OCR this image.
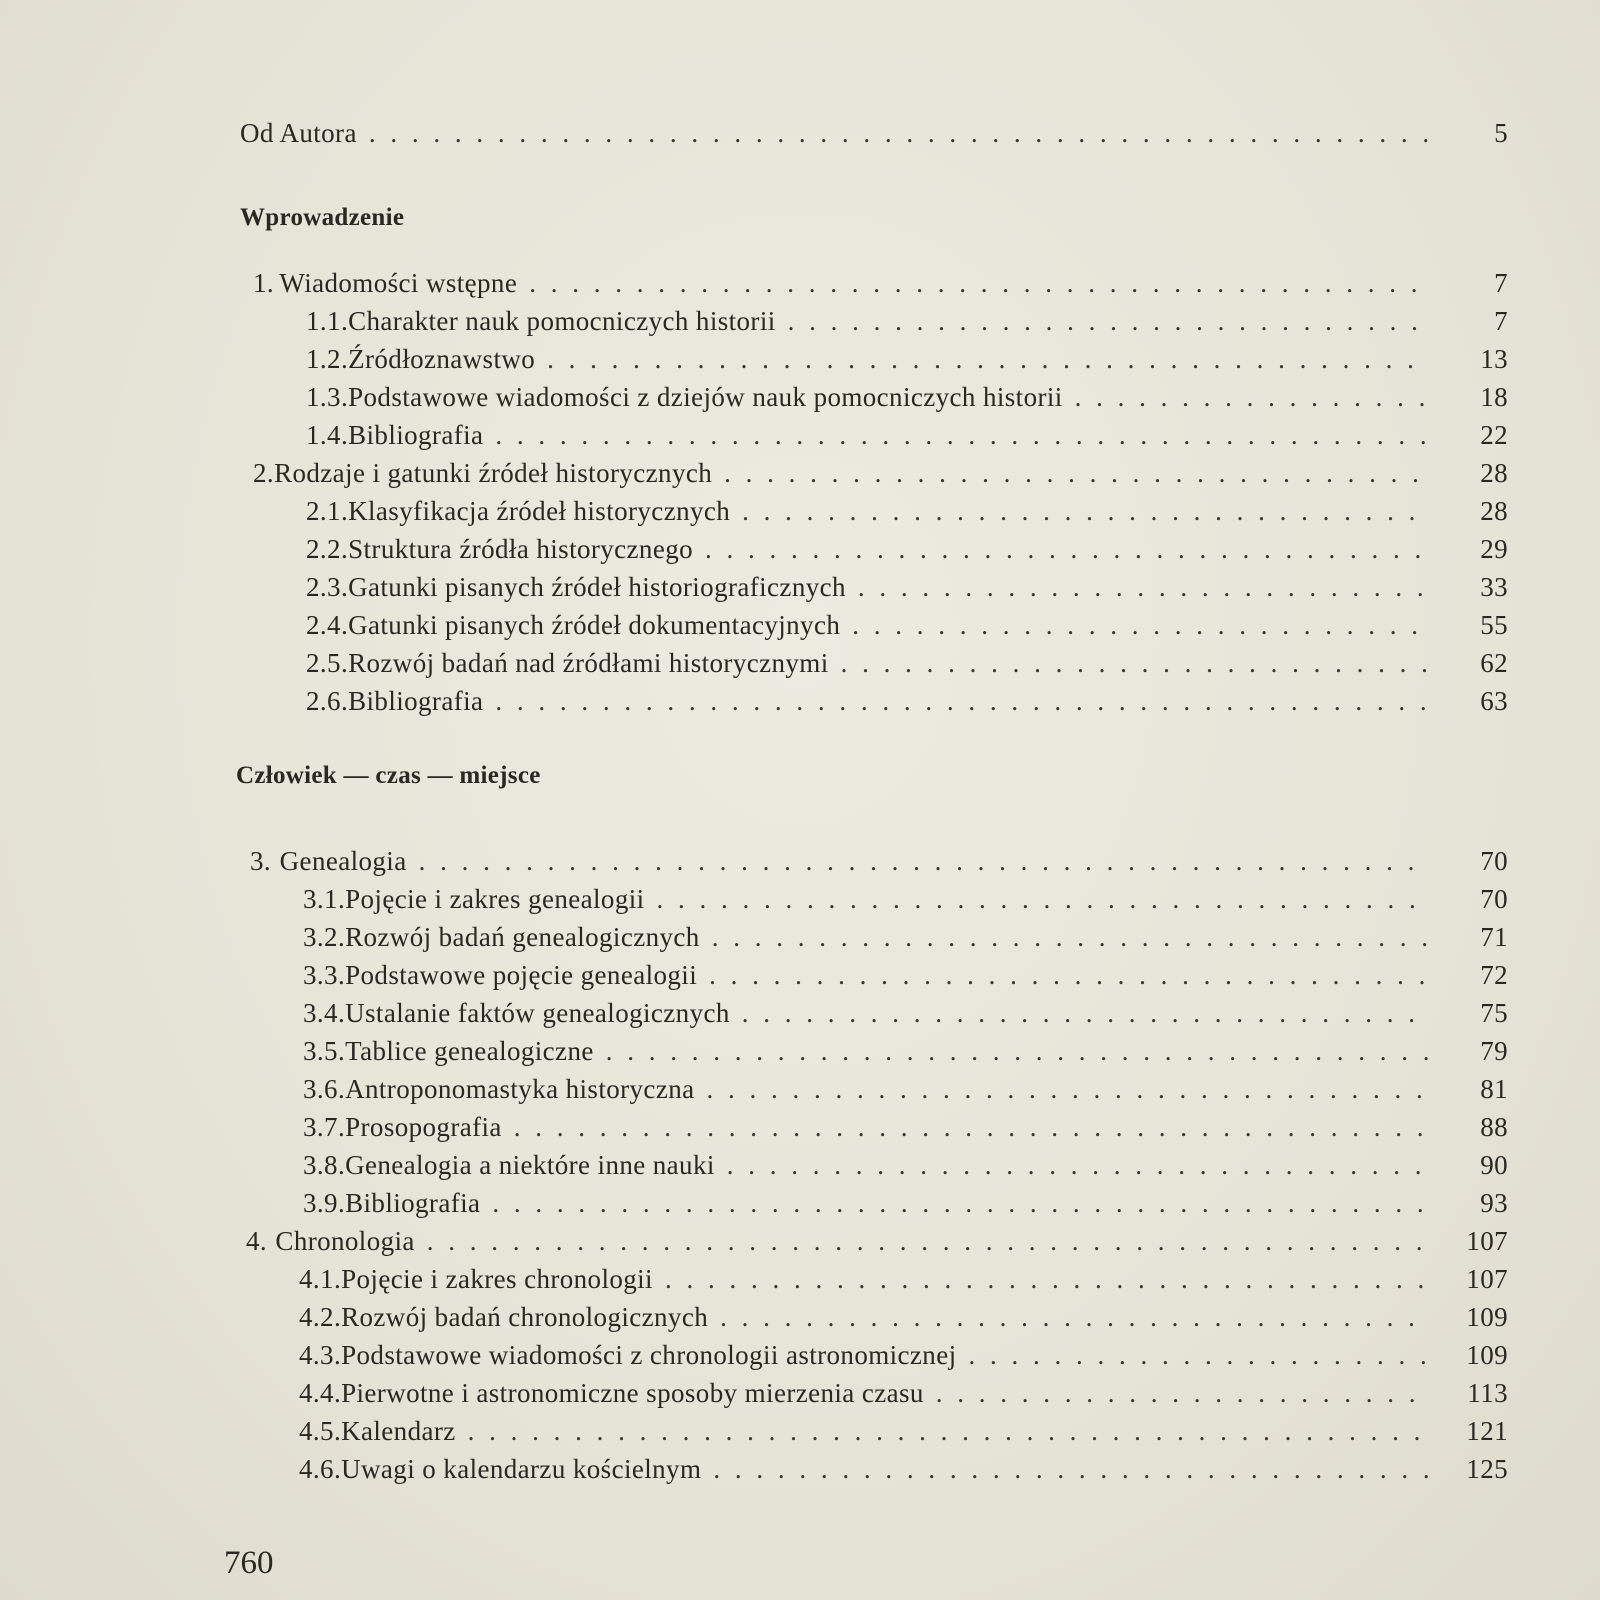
Od Autora . . .	5
Wprowadzenie
1. Wiadomości wstępne . . .	7
1.1. Charakter nauk pomocniczych historii . . .	7
1.2. Źródłoznawstwo . . .	13
1.3. Podstawowe wiadomości z dziejów nauk pomocniczych historii . . .	18
1.4. Bibliografia . . .	22
2. Rodzaje i gatunki źródeł historycznych . . .	28
2.1. Klasyfikacja źródeł historycznych . . .	28
2.2. Struktura źródła historycznego . . .	29
2.3. Gatunki pisanych źródeł historiograficznych . . .	33
2.4. Gatunki pisanych źródeł dokumentacyjnych . . .	55
2.5. Rozwój badań nad źródłami historycznymi . . .	62
2.6. Bibliografia . . .	63
Człowiek — czas — miejsce
3. Genealogia . . .	70
3.1. Pojęcie i zakres genealogii . . .	70
3.2. Rozwój badań genealogicznych . . .	71
3.3. Podstawowe pojęcie genealogii . . .	72
3.4. Ustalanie faktów genealogicznych . . .	75
3.5. Tablice genealogiczne . . .	79
3.6. Antroponomastyka historyczna . . .	81
3.7. Prosopografia . . .	88
3.8. Genealogia a niektóre inne nauki . . .	90
3.9. Bibliografia . . .	93
4. Chronologia . . .	107
4.1. Pojęcie i zakres chronologii . . .	107
4.2. Rozwój badań chronologicznych . . .	109
4.3. Podstawowe wiadomości z chronologii astronomicznej . . .	109
4.4. Pierwotne i astronomiczne sposoby mierzenia czasu . . .	113
4.5. Kalendarz . . .	121
4.6. Uwagi o kalendarzu kościelnym . . .	125
760
